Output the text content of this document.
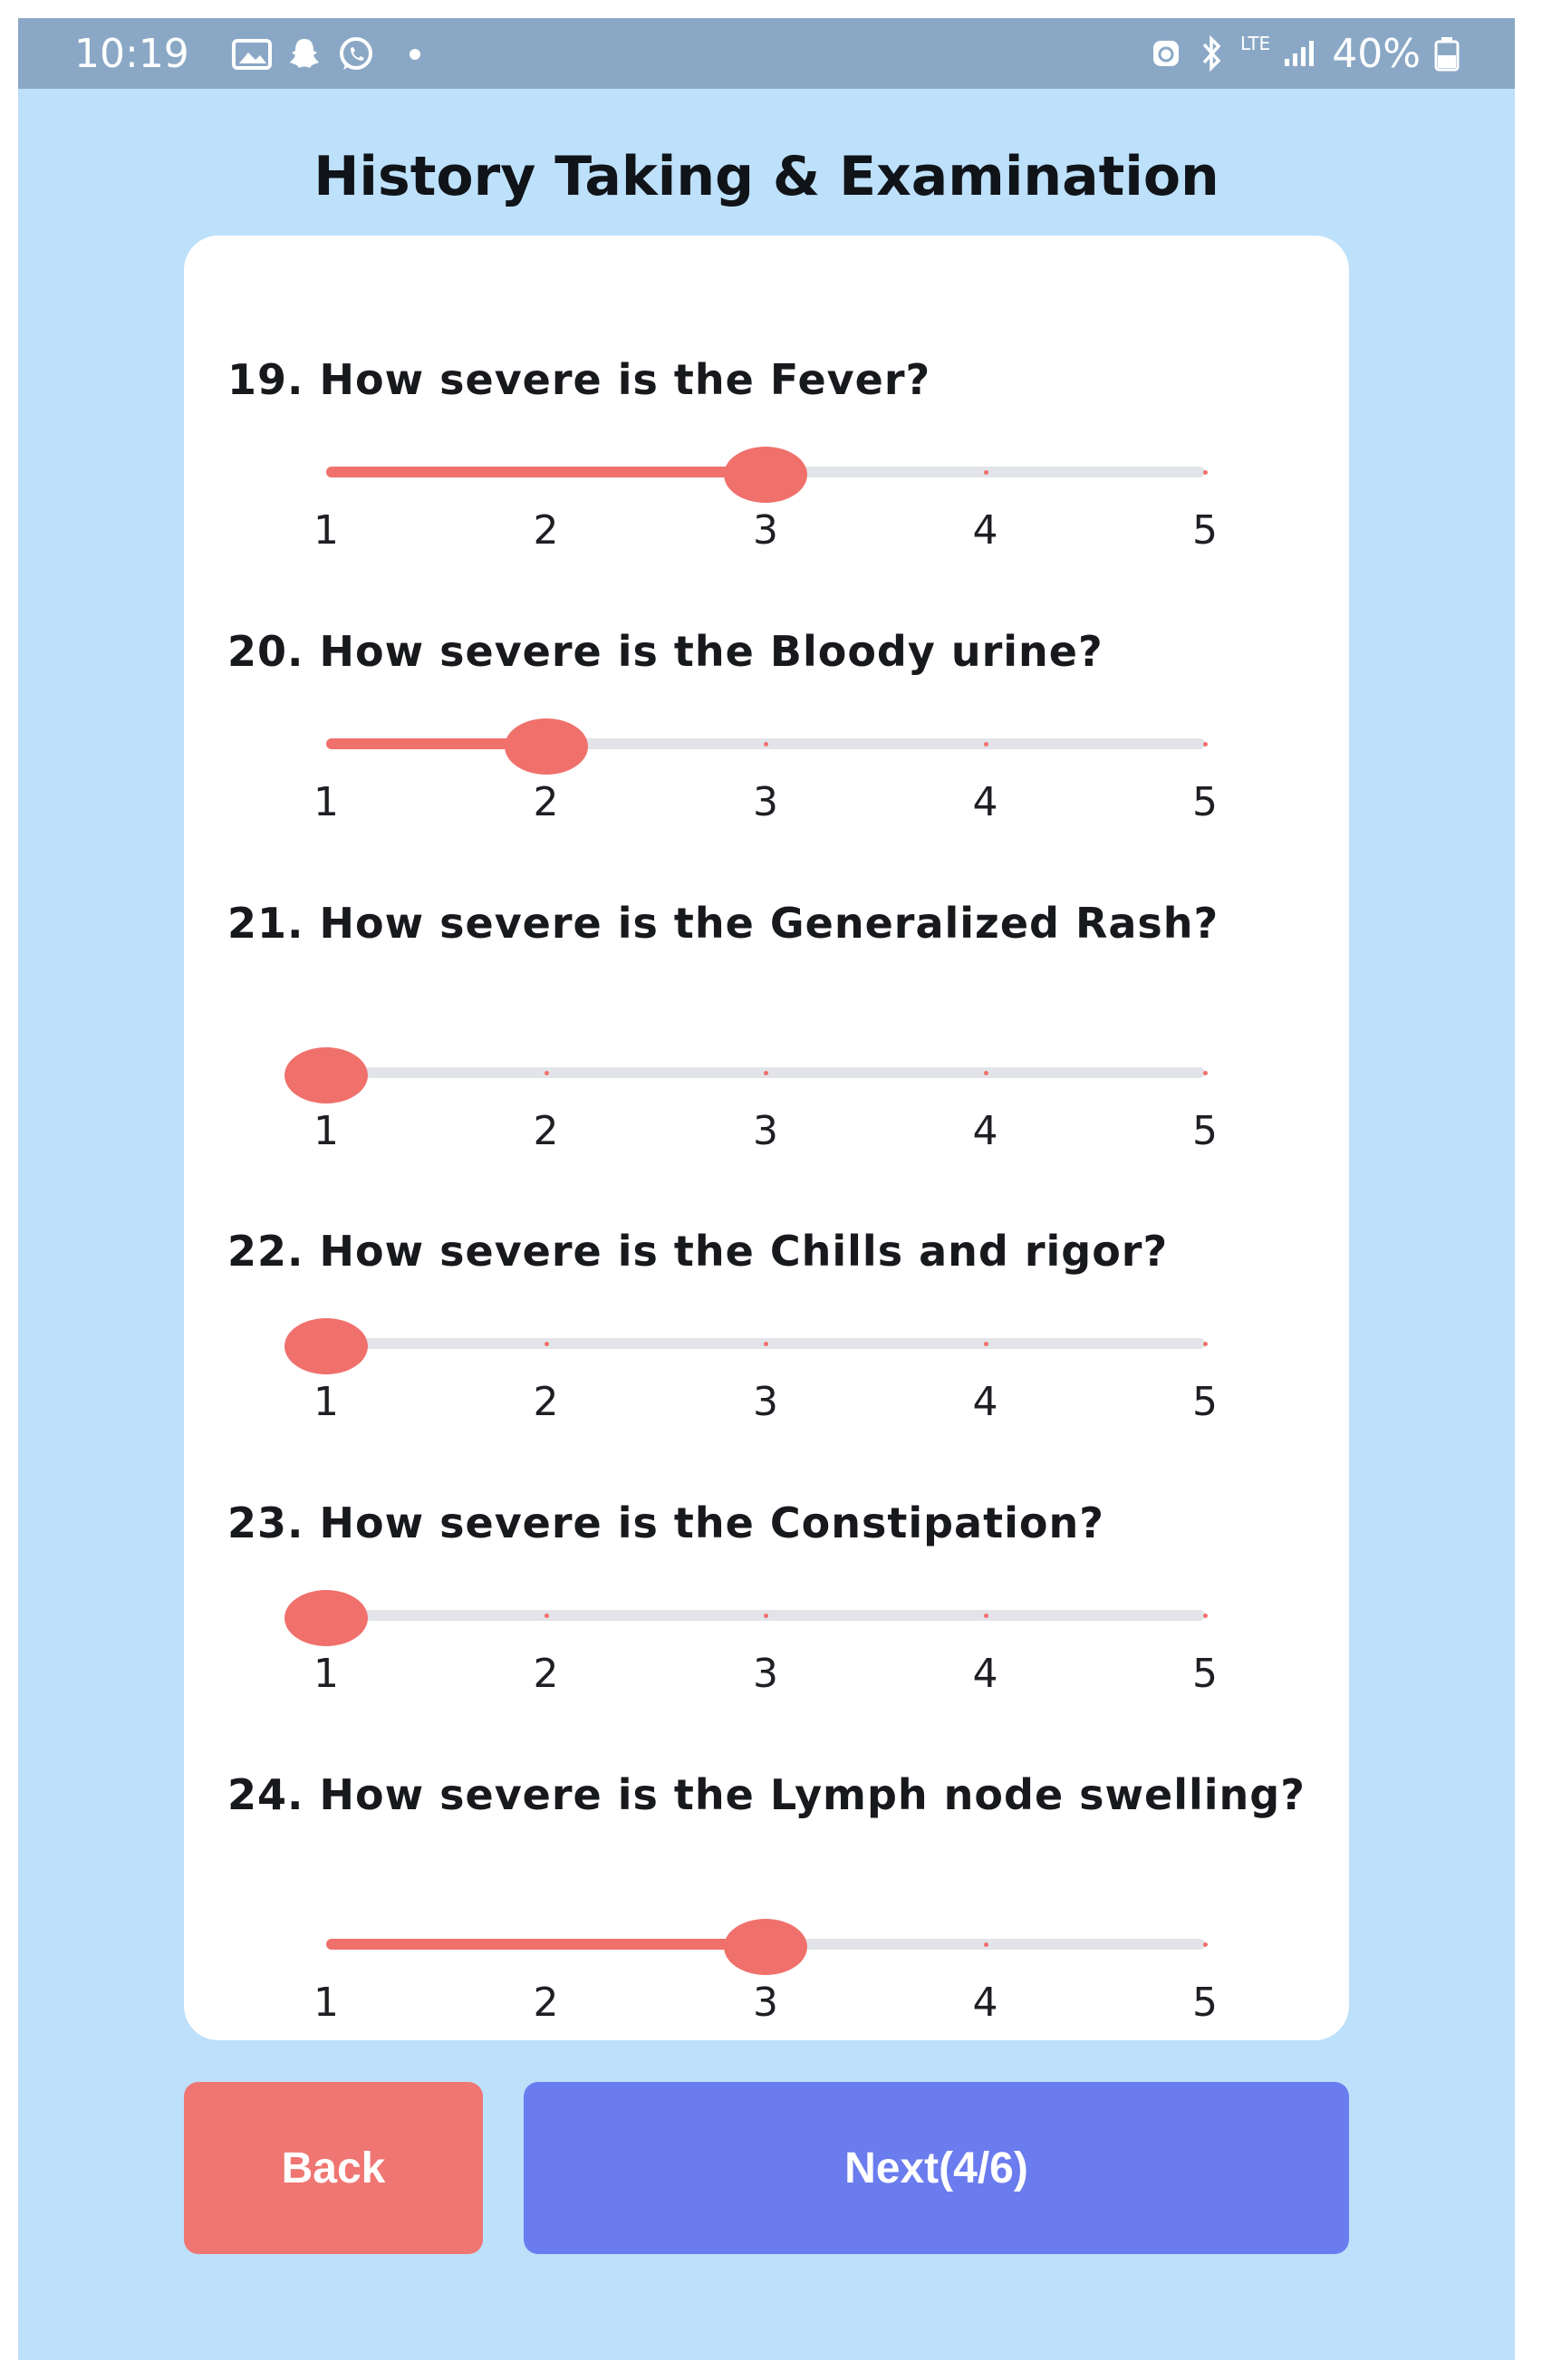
10:19	LTE 40%
History Taking & Examination
19. How severe is the Fever?
1	2	3	4	5
20. How severe is the Bloody urine?
1	2	3	4	5
21. How severe is the Generalized Rash?
1	2	3	4	5
22. How severe is the Chills and rigor?
1	2	3	4	5
23. How severe is the Constipation?
1	2	3	4	5
24. How severe is the Lymph node swelling?
1	2	3	4	5
Back	Next(4/6)
